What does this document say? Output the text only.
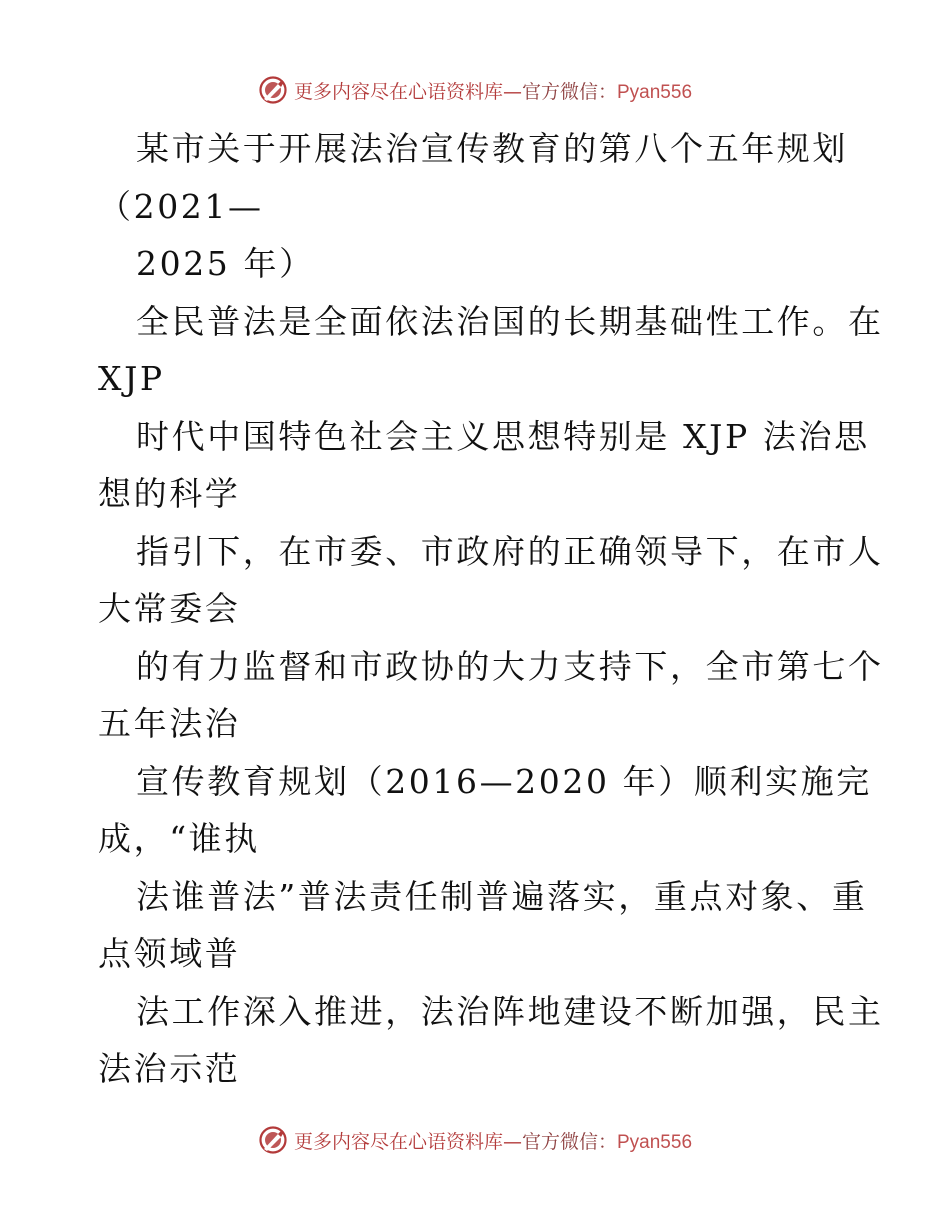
更多内容尽在心语资料库—官方微信：Pyan556
某市关于开展法治宣传教育的第八个五年规划
（2021—
2025 年）
全民普法是全面依法治国的长期基础性工作。在
XJP
时代中国特色社会主义思想特别是 XJP 法治思
想的科学
指引下，在市委、市政府的正确领导下，在市人
大常委会
的有力监督和市政协的大力支持下，全市第七个
五年法治
宣传教育规划（2016—2020 年）顺利实施完
成，“谁执
法谁普法”普法责任制普遍落实，重点对象、重
点领域普
法工作深入推进，法治阵地建设不断加强，民主
法治示范
更多内容尽在心语资料库—官方微信：Pyan556
